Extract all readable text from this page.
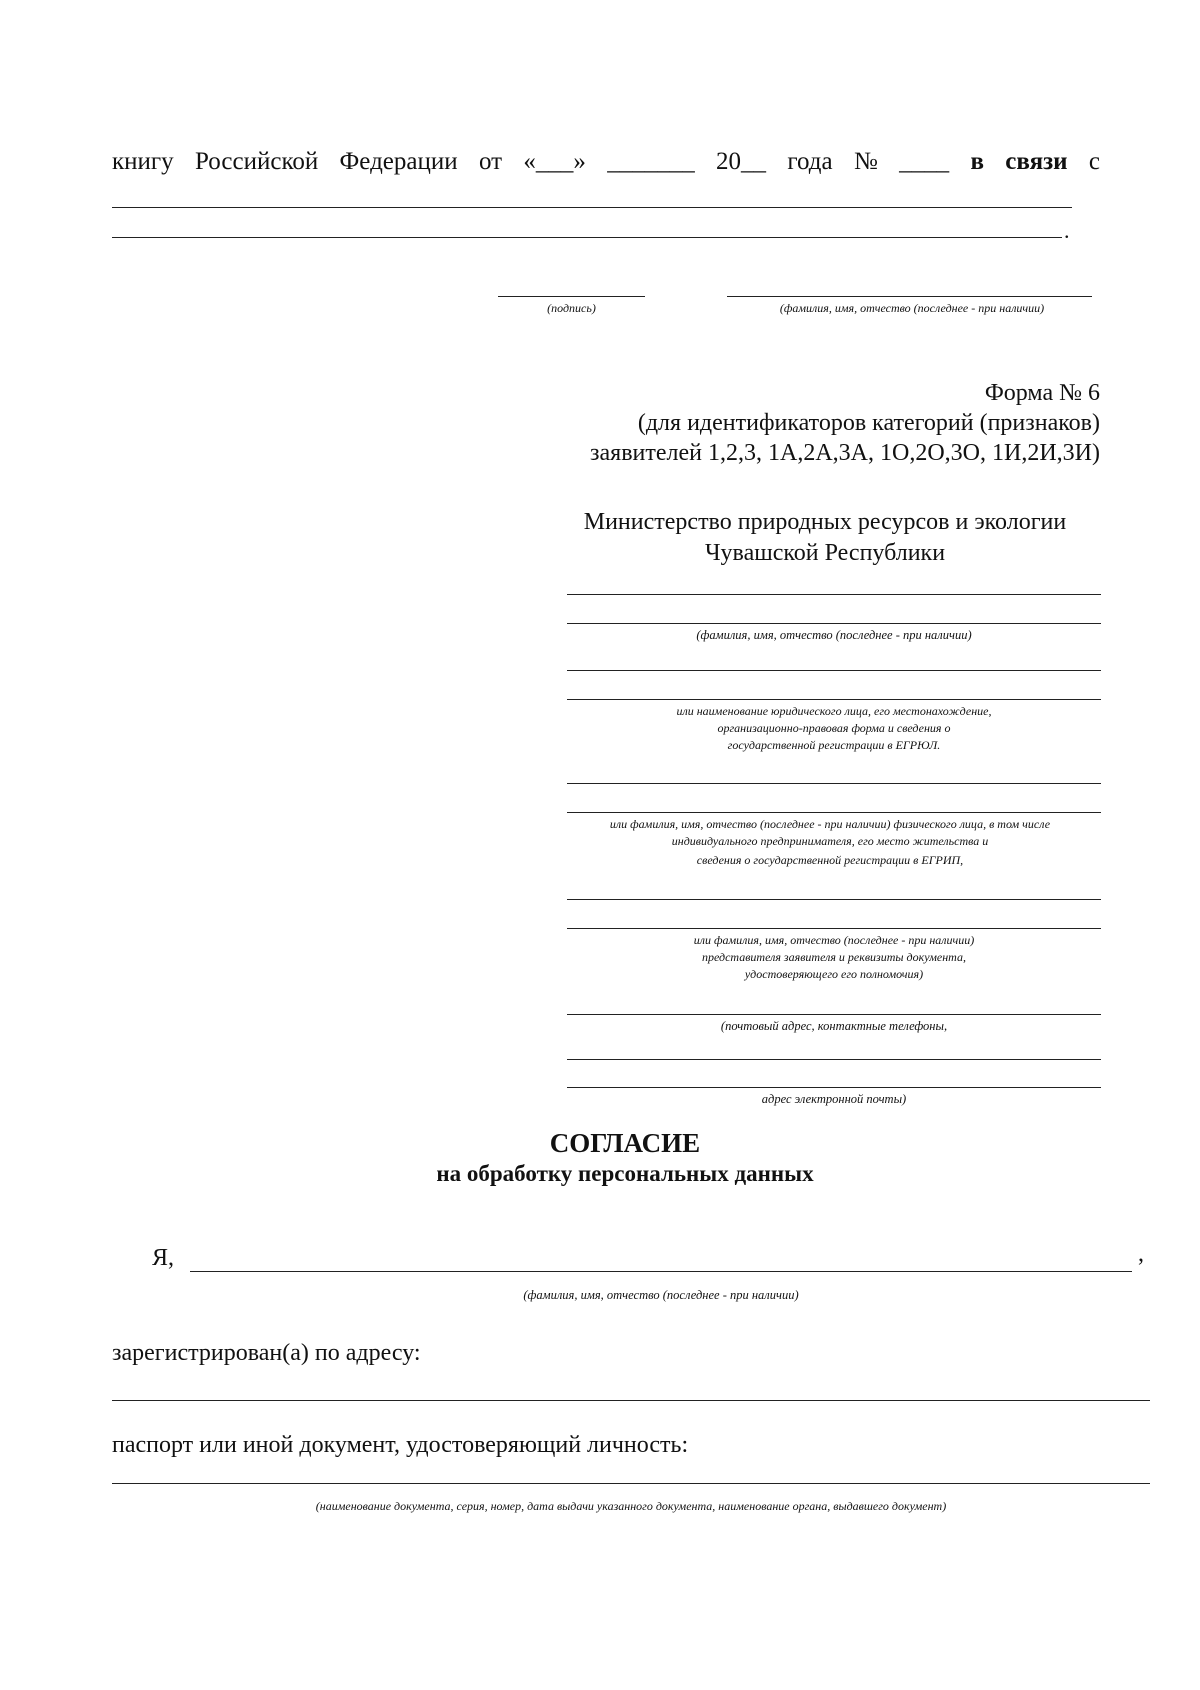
книгу Российской Федерации от «___» _______ 20__ года № ____ в связи с
.
(подпись)	(фамилия, имя, отчество (последнее - при наличии)
Форма № 6
(для идентификаторов категорий (признаков)
заявителей 1,2,3, 1А,2А,3А, 1О,2О,3О, 1И,2И,3И)
Министерство природных ресурсов и экологии
Чувашской Республики
(фамилия, имя, отчество (последнее - при наличии)
или наименование юридического лица, его местонахождение,
организационно-правовая форма и сведения о
государственной регистрации в ЕГРЮЛ.
или фамилия, имя, отчество (последнее - при наличии) физического лица, в том числе
индивидуального предпринимателя, его место жительства и
сведения о государственной регистрации в ЕГРИП,
или фамилия, имя, отчество (последнее - при наличии)
представителя заявителя и реквизиты документа,
удостоверяющего его полномочия)
(почтовый адрес, контактные телефоны,
адрес электронной почты)
СОГЛАСИЕ
на обработку персональных данных
Я,	,
(фамилия, имя, отчество (последнее - при наличии)
зарегистрирован(а) по адресу:
паспорт или иной документ, удостоверяющий личность:
(наименование документа, серия, номер, дата выдачи указанного документа, наименование органа, выдавшего документ)
